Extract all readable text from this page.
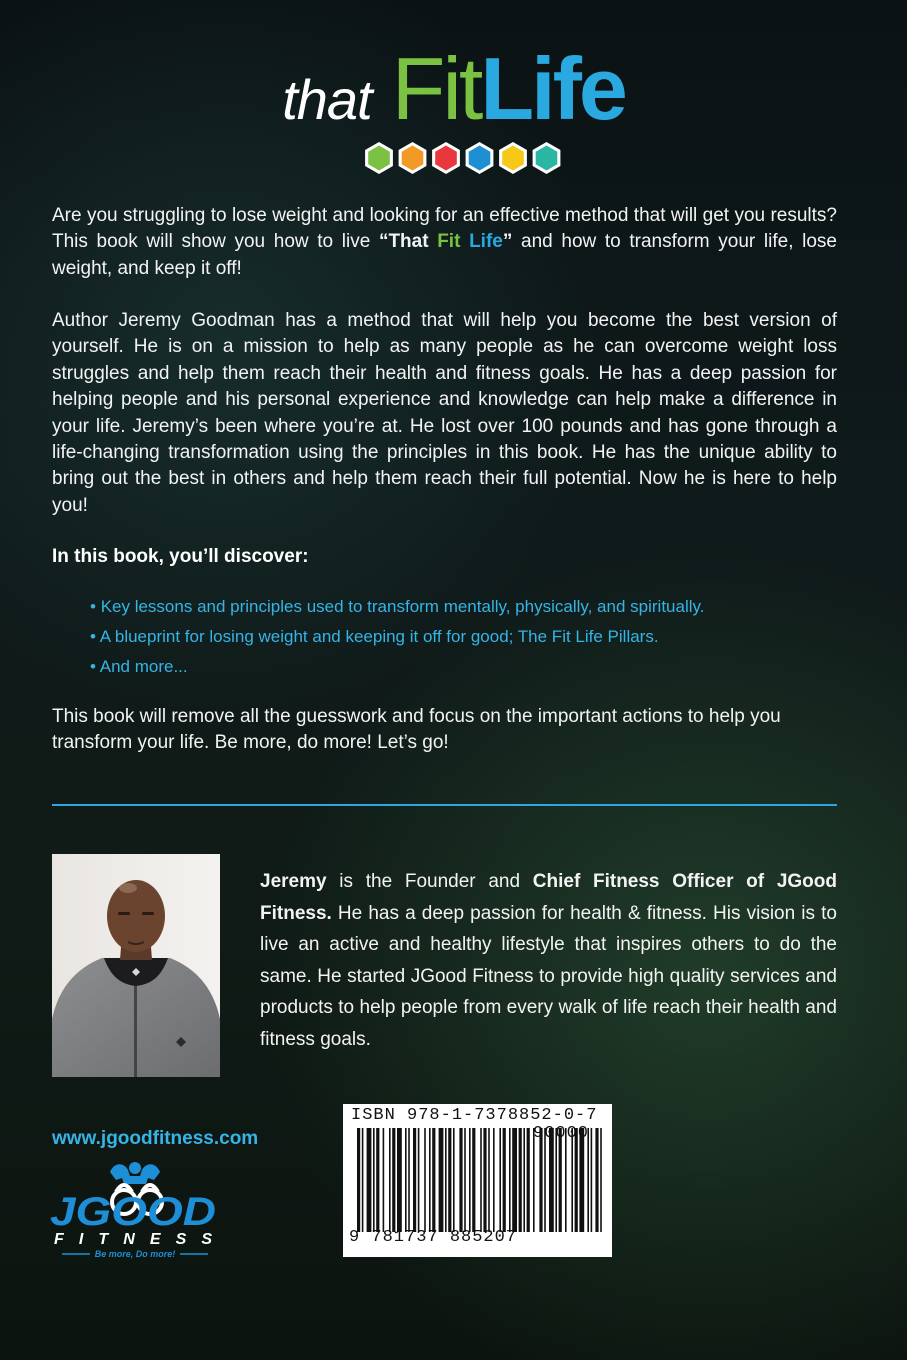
that FitLife

Are you struggling to lose weight and looking for an effective method that will get you results? This book will show you how to live “That Fit Life” and how to transform your life, lose weight, and keep it off!

Author Jeremy Goodman has a method that will help you become the best version of yourself. He is on a mission to help as many people as he can overcome weight loss struggles and help them reach their health and fitness goals. He has a deep passion for helping people and his personal experience and knowledge can help make a difference in your life. Jeremy’s been where you’re at. He lost over 100 pounds and has gone through a life-changing transformation using the principles in this book. He has the unique ability to bring out the best in others and help them reach their full potential. Now he is here to help you!

In this book, you’ll discover:
• Key lessons and principles used to transform mentally, physically, and spiritually.
• A blueprint for losing weight and keeping it off for good; The Fit Life Pillars.
• And more...

This book will remove all the guesswork and focus on the important actions to help you transform your life. Be more, do more! Let’s go!

Jeremy is the Founder and Chief Fitness Officer of JGood Fitness. He has a deep passion for health & fitness. His vision is to live an active and healthy lifestyle that inspires others to do the same. He started JGood Fitness to provide high quality services and products to help people from every walk of life reach their health and fitness goals.

www.jgoodfitness.com
JGOOD
FITNESS
Be more, Do more!
ISBN 978-1-7378852-0-7
9 781737 885207
